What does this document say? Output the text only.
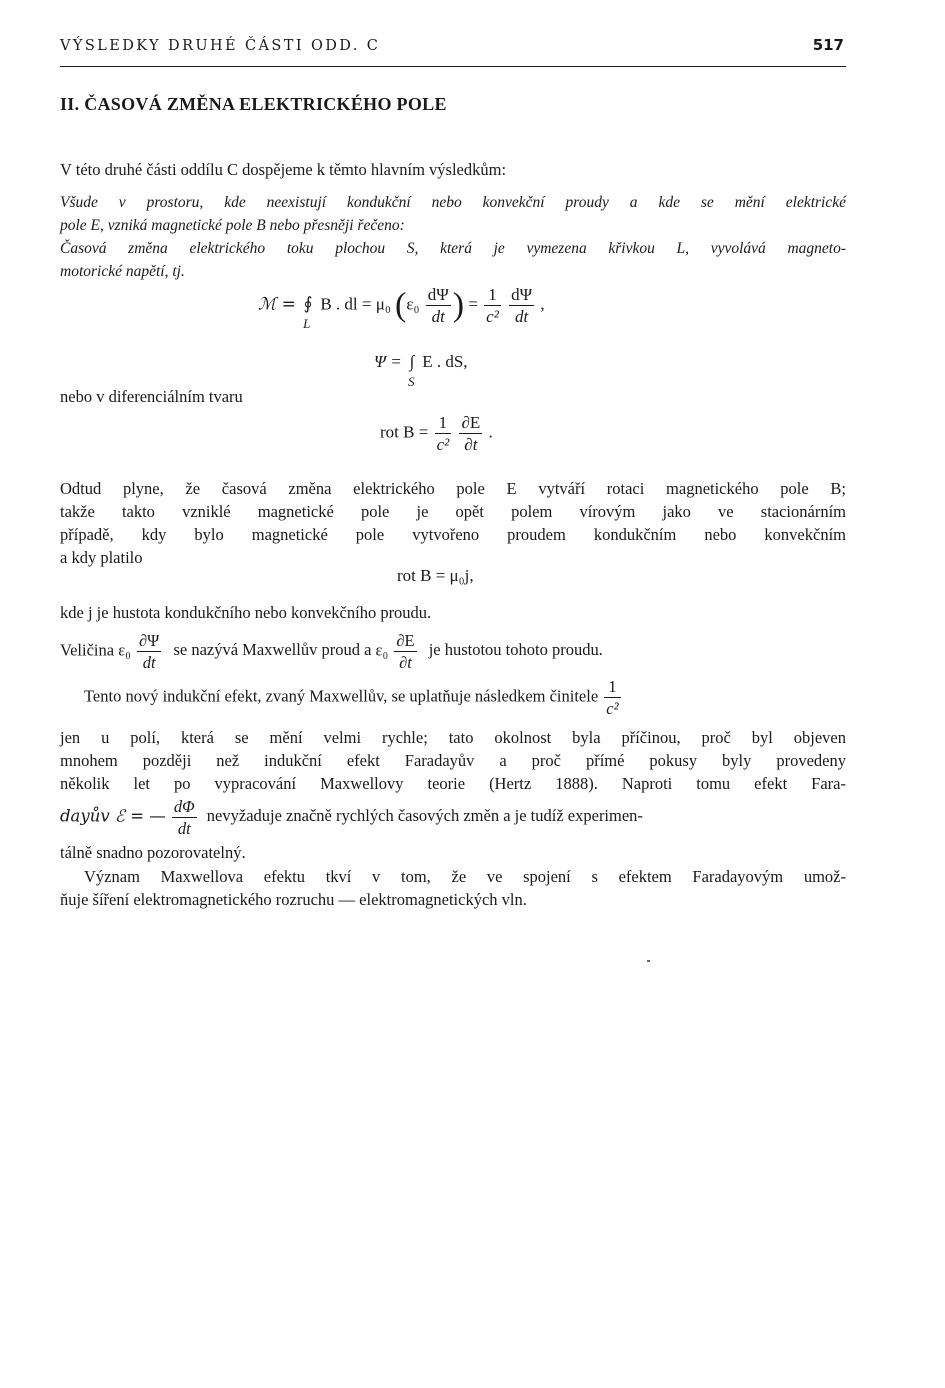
VÝSLEDKY DRUHÉ ČÁSTI ODD. C	517
II. ČASOVÁ ZMĚNA ELEKTRICKÉHO POLE
V této druhé části oddílu C dospějeme k těmto hlavním výsledkům:
Všude v prostoru, kde neexistují kondukční nebo konvekční proudy a kde se mění elektrické
pole E, vzniká magnetické pole B nebo přesněji řečeno:
Časová změna elektrického toku plochou S, která je vymezena křivkou L, vyvolává magneto-
motorické napětí, tj.
ℳ = ∮
L
B . dl = μ₀ ($\varepsilon_0 \frac{d\Psi}{dt}$ ) = $\frac{1}{\text{c²}}$
$\frac{d\Psi}{dt}$ ,
Ψ = ∫
S
E . dS,
nebo v diferenciálním tvaru
rot $B = \frac{1}{\text{c²}}$
$\frac{\partial E}{\partial t}$ .
Odtud plyne, že časová změna elektrického pole E vytváří rotaci magnetického pole B;
takže takto vzniklé magnetické pole je opět polem vírovým jako ve stacionárním
případě, kdy bylo magnetické pole vytvořeno proudem kondukčním nebo konvekčním
a kdy platilo
rot B = μ₀j,
kde j je hustota kondukčního nebo konvekčního proudu.
Veličina $\varepsilon_0 \frac{\partial\Psi}{dt}$ se nazývá Maxwellův proud a $\varepsilon_0 \frac{\partial E}{\partial t}$ je hustotou tohoto proudu.
Tento nový indukční efekt, zvaný Maxwellův, se uplatňuje následkem činitele $\frac{1}{\text{c²}}$
jen u polí, která se mění velmi rychle; tato okolnost byla příčinou, proč byl objeven
mnohem později než indukční efekt Faradayův a proč přímé pokusy byly provedeny
několik let po vypracování Maxwellovy teorie (Hertz 1888). Naproti tomu efekt Fara-
dayův ℰ = — $\frac{d\Phi}{dt}$ nevyžaduje značně rychlých časových změn a je tudíž experimen-
tálně snadno pozorovatelný.
Význam Maxwellova efektu tkví v tom, že ve spojení s efektem Faradayovým umož-
ňuje šíření elektromagnetického rozruchu — elektromagnetických vln.
